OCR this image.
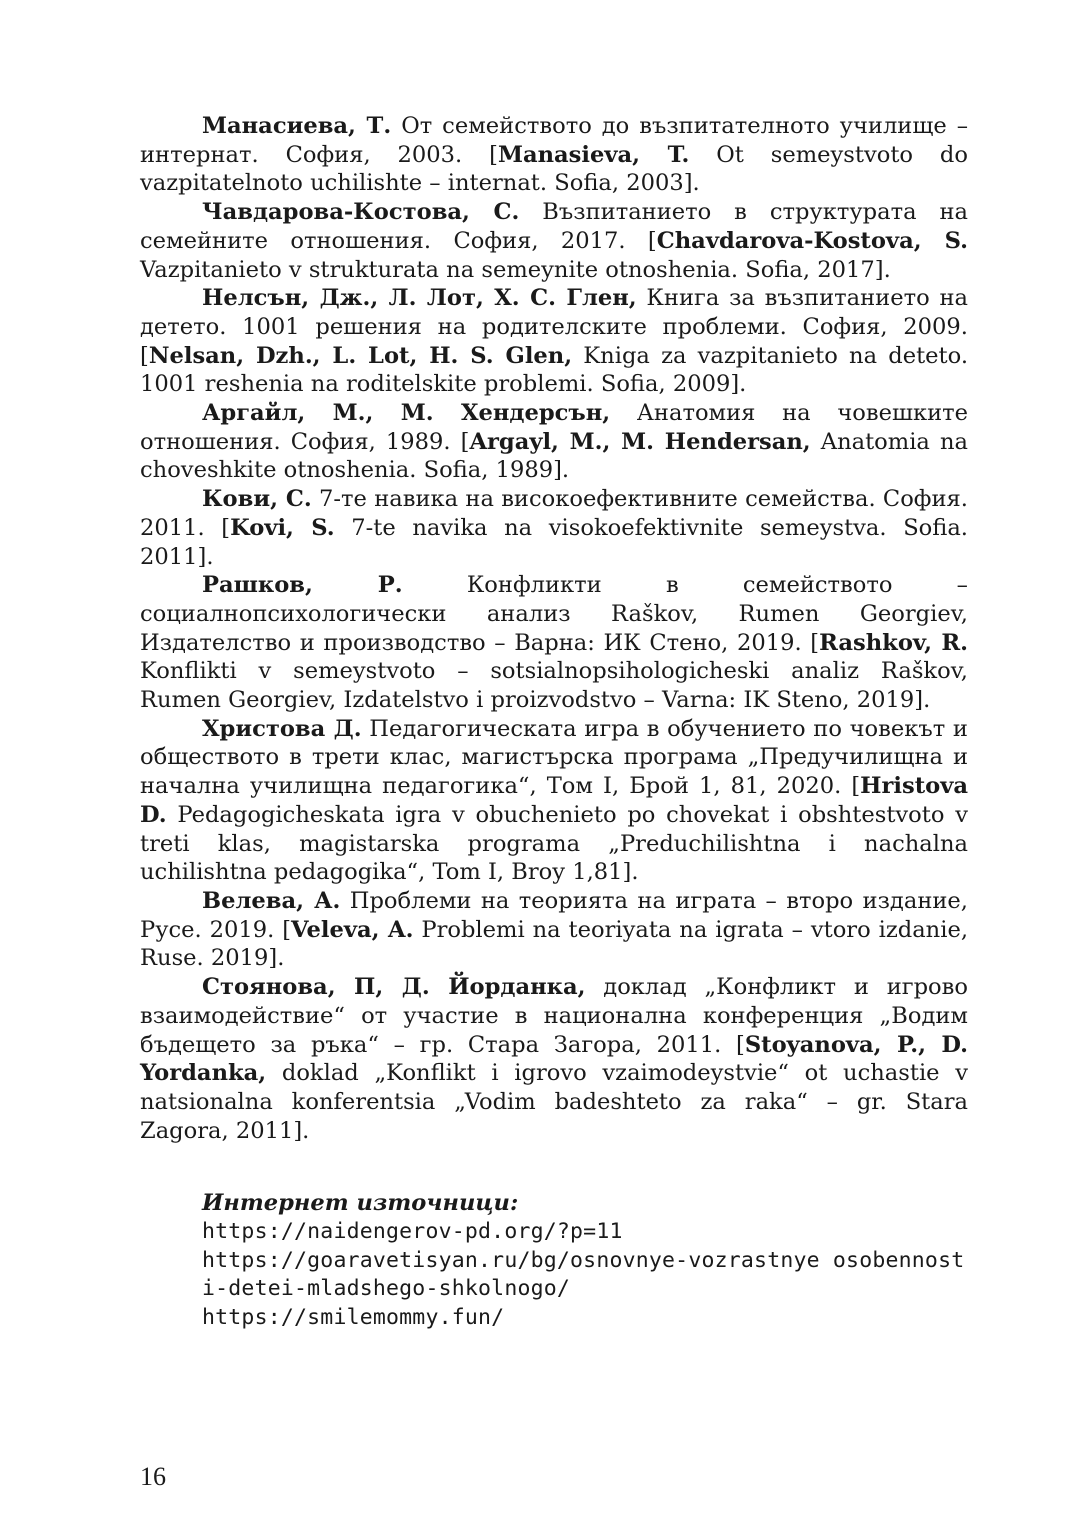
Манасиева, Т. От семейството до възпитателното училище – интернат. София, 2003. [Manasieva, T. Ot semeystvoto do vazpitatelnoto uchilishte – internat. Sofia, 2003].

Чавдарова-Костова, С. Възпитанието в структурата на семейните отношения. София, 2017. [Chavdarova-Kostova, S. Vazpitanieto v strukturata na semeynite otnoshenia. Sofia, 2017].

Нелсън, Дж., Л. Лот, Х. С. Глен, Книга за възпитанието на детето. 1001 решения на родителските проблеми. София, 2009. [Nelsan, Dzh., L. Lot, H. S. Glen, Kniga za vazpitanieto na deteto. 1001 reshenia na roditelskite problemi. Sofia, 2009].

Аргайл, М., М. Хендерсън, Анатомия на човешките отношения. София, 1989. [Argayl, M., M. Hendersan, Anatomia na choveshkite otnoshenia. Sofia, 1989].

Кови, С. 7-те навика на високоефективните семейства. София. 2011. [Kovi, S. 7-te navika na visokoefektivnite semeystva. Sofia. 2011].

Рашков, Р. Конфликти в семейството – социалнопсихологически анализ Raškov, Rumen Georgiev, Издателство и производство – Варна: ИК Стено, 2019. [Rashkov, R. Konflikti v semeystvoto – sotsialnopsihologicheski analiz Raškov, Rumen Georgiev, Izdatelstvo i proizvodstvo – Varna: IK Steno, 2019].

Христова Д. Педагогическата игра в обучението по човекът и обществото в трети клас, магистърска програма „Предучилищна и начална училищна педагогика“, Том I, Брой 1, 81, 2020. [Hristova D. Pedagogicheskata igra v obuchenieto po chovekat i obshtestvoto v treti klas, magistarska programa „Preduchilishtna i nachalna uchilishtna pedagogika“, Tom I, Broy 1,81].

Велева, А. Проблеми на теорията на играта – второ издание, Русе. 2019. [Veleva, A. Problemi na teoriyata na igrata – vtoro izdanie, Ruse. 2019].

Стоянова, П, Д. Йорданка, доклад „Конфликт и игрово взаимодействие“ от участие в национална конференция „Водим бъдещето за ръка“ – гр. Стара Загора, 2011. [Stoyanova, P., D. Yordanka, doklad „Konflikt i igrovo vzaimodeystvie“ ot uchastie v natsionalna konferentsia „Vodim badeshteto za raka“ – gr. Stara Zagora, 2011].

Интернет източници:

https://naidengerov-pd.org/?p=11

https://goaravetisyan.ru/bg/osnovnye-vozrastnye osobennosti-detei-mladshego-shkolnogo/

https://smilemommy.fun/

16
